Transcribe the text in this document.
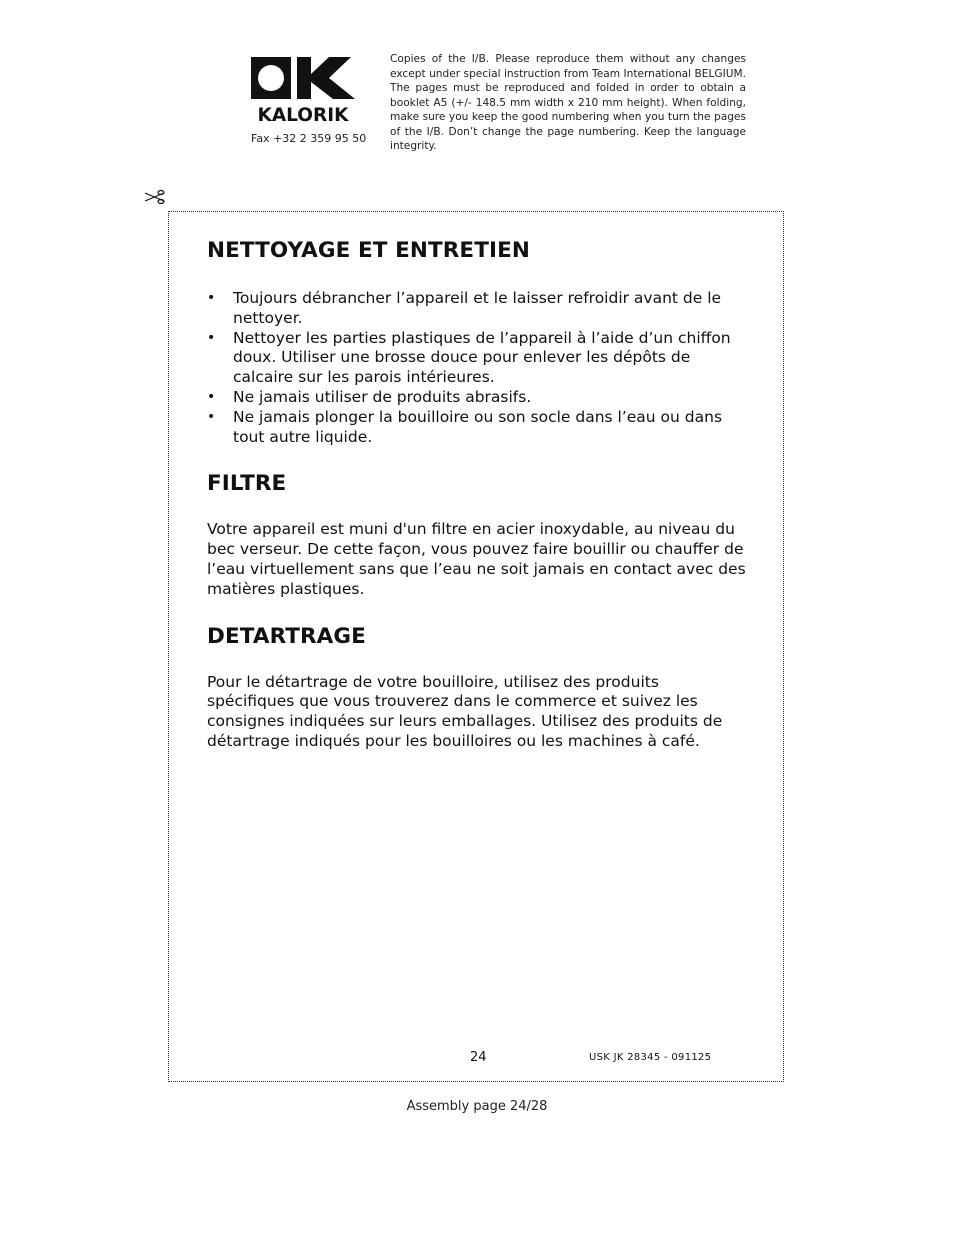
KALORIK
Fax +32 2 359 95 50
Copies of the I/B. Please reproduce them without any changes except under special instruction from Team International BELGIUM. The pages must be reproduced and folded in order to obtain a booklet A5 (+/- 148.5 mm width x 210 mm height). When folding, make sure you keep the good numbering when you turn the pages of the I/B. Don’t change the page numbering. Keep the language integrity.
NETTOYAGE ET ENTRETIEN
• Toujours débrancher l’appareil et le laisser refroidir avant de le nettoyer.
• Nettoyer les parties plastiques de l’appareil à l’aide d’un chiffon doux. Utiliser une brosse douce pour enlever les dépôts de calcaire sur les parois intérieures.
• Ne jamais utiliser de produits abrasifs.
• Ne jamais plonger la bouilloire ou son socle dans l’eau ou dans tout autre liquide.
FILTRE

Votre appareil est muni d'un filtre en acier inoxydable, au niveau du bec verseur. De cette façon, vous pouvez faire bouillir ou chauffer de l’eau virtuellement sans que l’eau ne soit jamais en contact avec des matières plastiques.

DETARTRAGE

Pour le détartrage de votre bouilloire, utilisez des produits spécifiques que vous trouverez dans le commerce et suivez les consignes indiquées sur leurs emballages. Utilisez des produits de détartrage indiqués pour les bouilloires ou les machines à café.

24	USK JK 28345 - 091125
Assembly page 24/28
